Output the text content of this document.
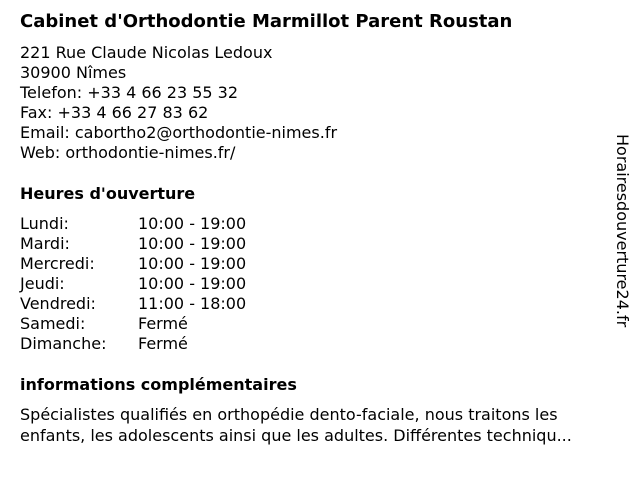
Cabinet d'Orthodontie Marmillot Parent Roustan
221 Rue Claude Nicolas Ledoux
30900 Nîmes
Telefon: +33 4 66 23 55 32
Fax: +33 4 66 27 83 62
Email: cabortho2@orthodontie-nimes.fr
Web: orthodontie-nimes.fr/
Heures d'ouverture
Lundi:	10:00 - 19:00
Mardi:	10:00 - 19:00
Mercredi:	10:00 - 19:00
Jeudi:	10:00 - 19:00
Vendredi:	11:00 - 18:00
Samedi:	Fermé
Dimanche:	Fermé
informations complémentaires
Spécialistes qualifiés en orthopédie dento-faciale, nous traitons les
enfants, les adolescents ainsi que les adultes. Différentes techniqu...
Horairesdouverture24.fr
